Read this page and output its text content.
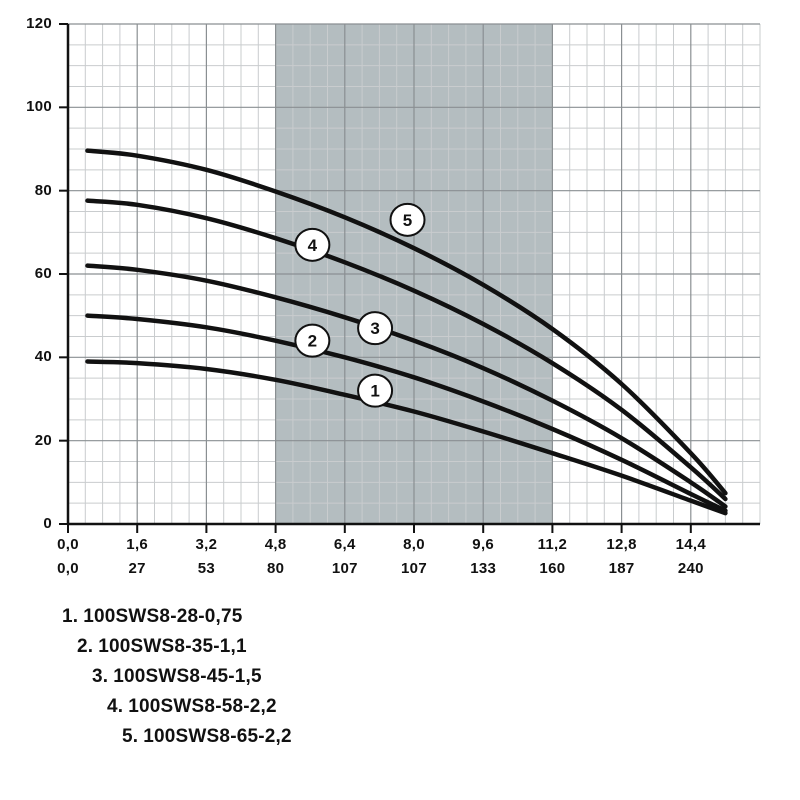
1
2
3
4
5
0
20
40
60
80
100
120
0,0	1,6	3,2	4,8	6,4	8,0	9,6	11,2	12,8	14,4
0,0	27	53	80	107	107	133	160	187	240
1. 100SWS8-28-0,75
2. 100SWS8-35-1,1
3. 100SWS8-45-1,5
4. 100SWS8-58-2,2
5. 100SWS8-65-2,2
